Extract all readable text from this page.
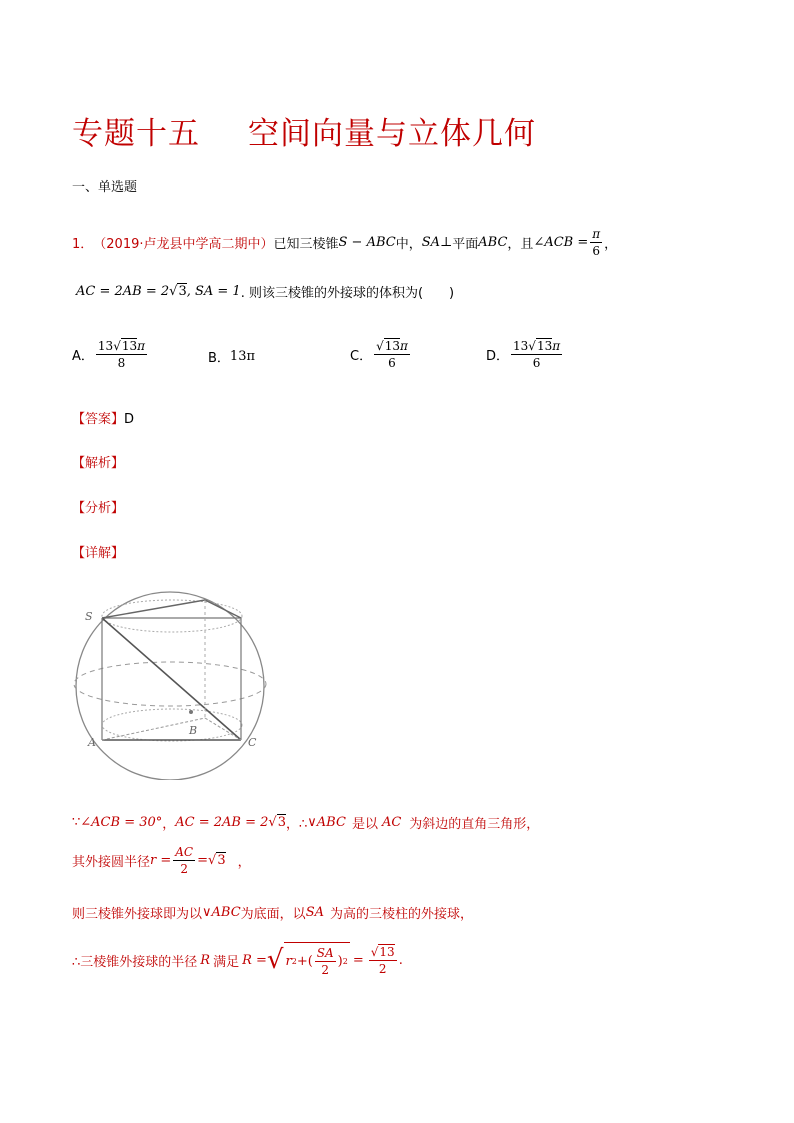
专题十五 空间向量与立体几何
一、单选题
1． （2019·卢龙县中学高二期中） 已知三棱锥 S − ABC 中， SA ⊥ 平面 ABC ，且 ∠ACB = $\frac{\pi}{6}$ ，
AC = 2AB = 2 √3 , SA = 1 . 则该三棱锥的外接球的体积为(　　)
A． $\frac{13√13\pi}{8}$	B． 13π	C． $\frac{√13\pi}{6}$	D． $\frac{13√13\pi}{6}$
【答案】D
【解析】
【分析】
【详解】
S
A
B
C
∵ ∠ACB = 30° ， AC = 2AB = 2 √3 ，∴ ∨ABC 是以 AC 为斜边的直角三角形，
其外接圆半径 $r = \frac{AC}{2} = √3$ ，
则三棱锥外接球即为以 ∨ABC 为底面，以 SA 为高的三棱柱的外接球，
∴三棱锥外接球的半径 R 满足 R = √ r 2 +( $\frac{SA}{2}$ ) $2 = \frac{√13}{2}$ .
